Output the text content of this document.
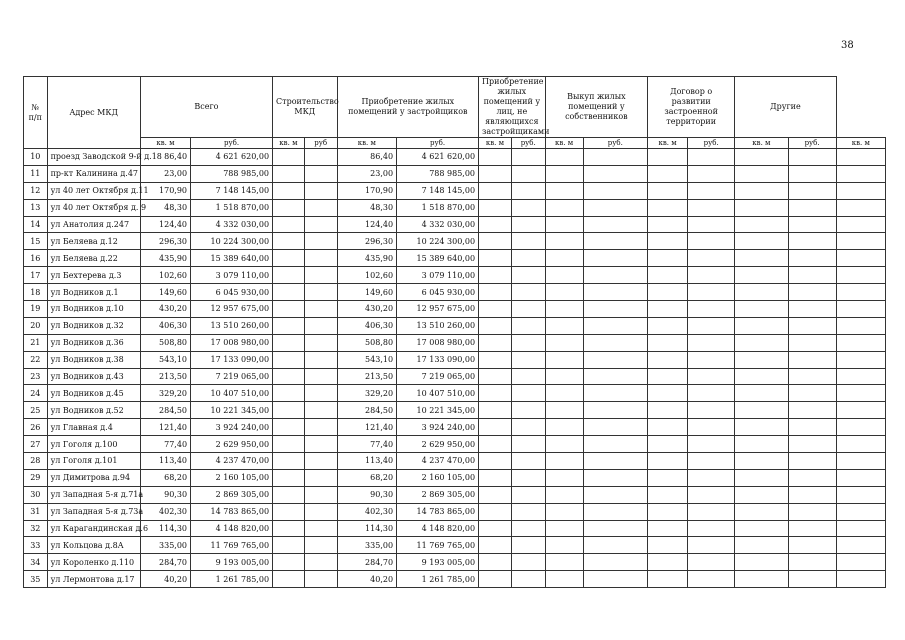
38
№ п/п	Адрес МКД	Всего		Строительство МКД		Приобретение жилых помещений у застройщиков		Приобретение жилых помещений у лиц, не являющихся застройщиками		Выкуп жилых помещений у собственников		Договор о развитии застроенной территории		Другие		
		кв. м	руб.	кв. м	руб	кв. м	руб.	кв. м	руб.	кв. м	руб.	кв. м	руб.	кв. м	руб.	кв. м
10	проезд Заводской 9-й д.18	86,40	4 621 620,00			86,40	4 621 620,00									
11	пр-кт Калинина д.47	23,00	788 985,00			23,00	788 985,00									
12	ул 40 лет Октября д.11	170,90	7 148 145,00			170,90	7 148 145,00									
13	ул 40 лет Октября д. 9	48,30	1 518 870,00			48,30	1 518 870,00									
14	ул Анатолия д.247	124,40	4 332 030,00			124,40	4 332 030,00									
15	ул Беляева д.12	296,30	10 224 300,00			296,30	10 224 300,00									
16	ул Беляева д.22	435,90	15 389 640,00			435,90	15 389 640,00									
17	ул Бехтерева д.3	102,60	3 079 110,00			102,60	3 079 110,00									
18	ул Водников д.1	149,60	6 045 930,00			149,60	6 045 930,00									
19	ул Водников д.10	430,20	12 957 675,00			430,20	12 957 675,00									
20	ул Водников д.32	406,30	13 510 260,00			406,30	13 510 260,00									
21	ул Водников д.36	508,80	17 008 980,00			508,80	17 008 980,00									
22	ул Водников д.38	543,10	17 133 090,00			543,10	17 133 090,00									
23	ул Водников д.43	213,50	7 219 065,00			213,50	7 219 065,00									
24	ул Водников д.45	329,20	10 407 510,00			329,20	10 407 510,00									
25	ул Водников д.52	284,50	10 221 345,00			284,50	10 221 345,00									
26	ул Главная д.4	121,40	3 924 240,00			121,40	3 924 240,00									
27	ул Гоголя д.100	77,40	2 629 950,00			77,40	2 629 950,00									
28	ул Гоголя д.101	113,40	4 237 470,00			113,40	4 237 470,00									
29	ул Димитрова д.94	68,20	2 160 105,00			68,20	2 160 105,00									
30	ул Западная 5-я д.71а	90,30	2 869 305,00			90,30	2 869 305,00									
31	ул Западная 5-я д.73а	402,30	14 783 865,00			402,30	14 783 865,00									
32	ул Карагандинская д.6	114,30	4 148 820,00			114,30	4 148 820,00									
33	ул Кольцова д.8А	335,00	11 769 765,00			335,00	11 769 765,00									
34	ул Короленко д.110	284,70	9 193 005,00			284,70	9 193 005,00									
35	ул Лермонтова д.17	40,20	1 261 785,00			40,20	1 261 785,00									
